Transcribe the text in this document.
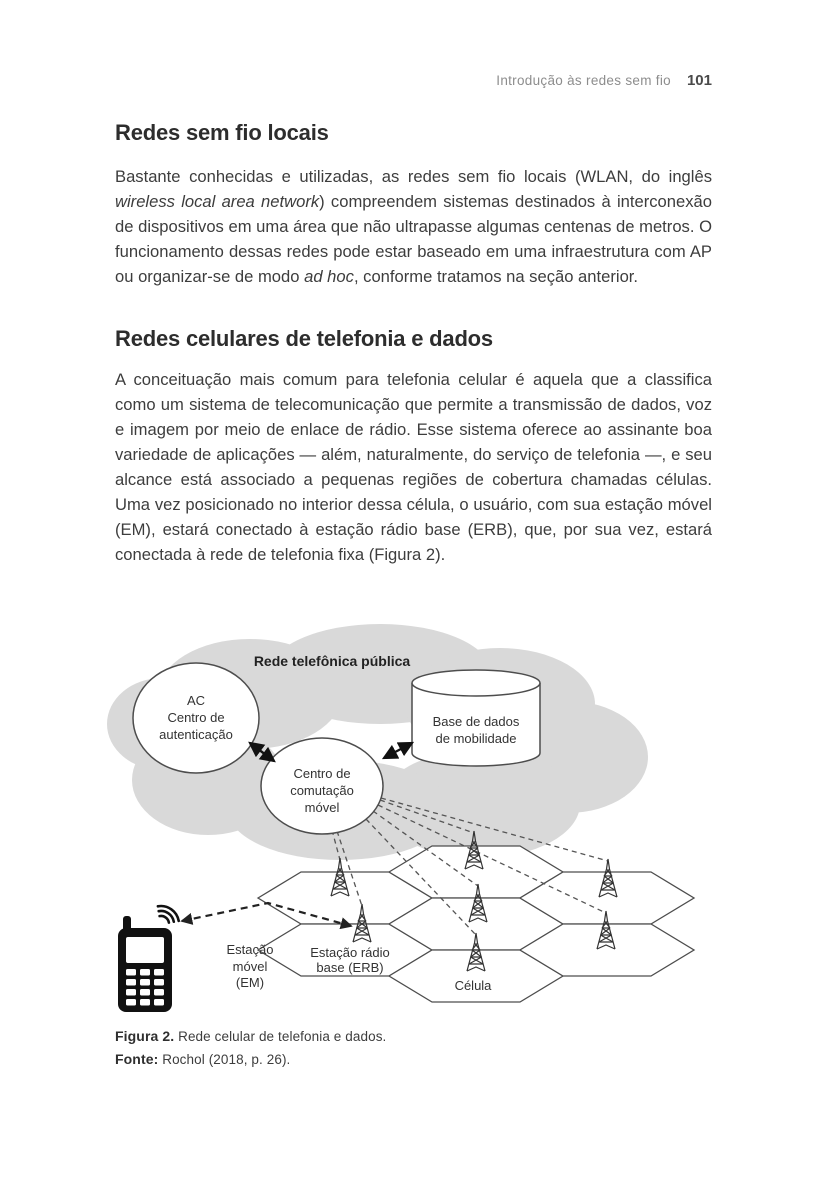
Introdução às redes sem fio 101
Redes sem fio locais

Bastante conhecidas e utilizadas, as redes sem fio locais (WLAN, do inglês wireless local area network) compreendem sistemas destinados à interconexão de dispositivos em uma área que não ultrapasse algumas centenas de metros. O funcionamento dessas redes pode estar baseado em uma infraestrutura com AP ou organizar-se de modo ad hoc, conforme tratamos na seção anterior.

Redes celulares de telefonia e dados

A conceituação mais comum para telefonia celular é aquela que a classifica como um sistema de telecomunicação que permite a transmissão de dados, voz e imagem por meio de enlace de rádio. Esse sistema oferece ao assinante boa variedade de aplicações — além, naturalmente, do serviço de telefonia —, e seu alcance está associado a pequenas regiões de cobertura chamadas células. Uma vez posicionado no interior dessa célula, o usuário, com sua estação móvel (EM), estará conectado à estação rádio base (ERB), que, por sua vez, estará conectada à rede de telefonia fixa (Figura 2).

Rede telefônica pública
AC Centro de autenticação
Centro de comutação móvel
Base de dados de mobilidade
Estação móvel (EM)
Estação rádio base (ERB)
Célula
Figura 2. Rede celular de telefonia e dados.
Fonte: Rochol (2018, p. 26).
